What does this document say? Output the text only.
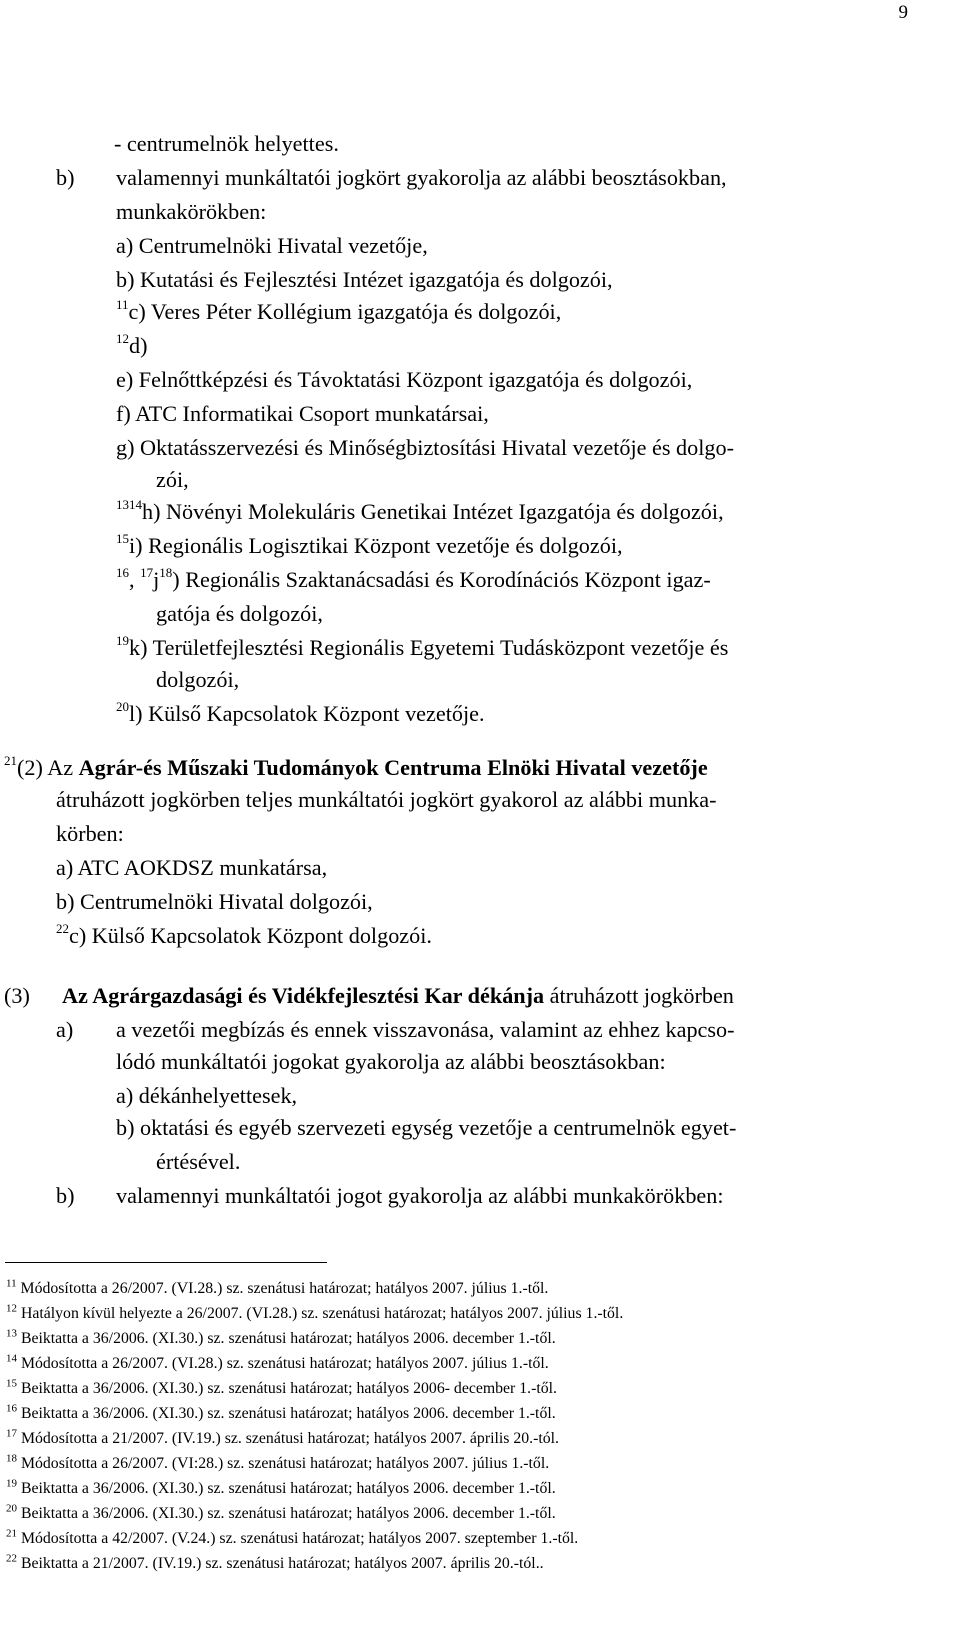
9
- centrumelnök helyettes.
b) valamennyi munkáltatói jogkört gyakorolja az alábbi beosztásokban,
munkakörökben:
a) Centrumelnöki Hivatal vezetője,
b) Kutatási és Fejlesztési Intézet igazgatója és dolgozói,
$^{11}$c) Veres Péter Kollégium igazgatója és dolgozói,
$^{12}$d)
e) Felnőttképzési és Távoktatási Központ igazgatója és dolgozói,
f) ATC Informatikai Csoport munkatársai,
g) Oktatásszervezési és Minőségbiztosítási Hivatal vezetője és dolgo-
zói,
$^{1314}$h) Növényi Molekuláris Genetikai Intézet Igazgatója és dolgozói,
$^{15}$i) Regionális Logisztikai Központ vezetője és dolgozói,
$^{16}$, $^{17}j^{18}$) Regionális Szaktanácsadási és Korodínációs Központ igaz-
gatója és dolgozói,
$^{19}$k) Területfejlesztési Regionális Egyetemi Tudásközpont vezetője és
dolgozói,
$^{20}$l) Külső Kapcsolatok Központ vezetője.
$^{21}$(2) Az Agrár-és Műszaki Tudományok Centruma Elnöki Hivatal vezetője
átruházott jogkörben teljes munkáltatói jogkört gyakorol az alábbi munka-
körben:
a) ATC AOKDSZ munkatársa,
b) Centrumelnöki Hivatal dolgozói,
$^{22}$c) Külső Kapcsolatok Központ dolgozói.
(3) Az Agrárgazdasági és Vidékfejlesztési Kar dékánja átruházott jogkörben
a) a vezetői megbízás és ennek visszavonása, valamint az ehhez kapcso-
lódó munkáltatói jogokat gyakorolja az alábbi beosztásokban:
a) dékánhelyettesek,
b) oktatási és egyéb szervezeti egység vezetője a centrumelnök egyet-
értésével.
b) valamennyi munkáltatói jogot gyakorolja az alábbi munkakörökben:
$^{11}$ Módosította a 26/2007. (VI.28.) sz. szenátusi határozat; hatályos 2007. július 1.-től.
$^{12}$ Hatályon kívül helyezte a 26/2007. (VI.28.) sz. szenátusi határozat; hatályos 2007. július 1.-től.
$^{13}$ Beiktatta a 36/2006. (XI.30.) sz. szenátusi határozat; hatályos 2006. december 1.-től.
$^{14}$ Módosította a 26/2007. (VI.28.) sz. szenátusi határozat; hatályos 2007. július 1.-től.
$^{15}$ Beiktatta a 36/2006. (XI.30.) sz. szenátusi határozat; hatályos 2006- december 1.-től.
$^{16}$ Beiktatta a 36/2006. (XI.30.) sz. szenátusi határozat; hatályos 2006. december 1.-től.
$^{17}$ Módosította a 21/2007. (IV.19.) sz. szenátusi határozat; hatályos 2007. április 20.-tól.
$^{18}$ Módosította a 26/2007. (VI:28.) sz. szenátusi határozat; hatályos 2007. július 1.-től.
$^{19}$ Beiktatta a 36/2006. (XI.30.) sz. szenátusi határozat; hatályos 2006. december 1.-től.
$^{20}$ Beiktatta a 36/2006. (XI.30.) sz. szenátusi határozat; hatályos 2006. december 1.-től.
$^{21}$ Módosította a 42/2007. (V.24.) sz. szenátusi határozat; hatályos 2007. szeptember 1.-től.
$^{22}$ Beiktatta a 21/2007. (IV.19.) sz. szenátusi határozat; hatályos 2007. április 20.-tól..
